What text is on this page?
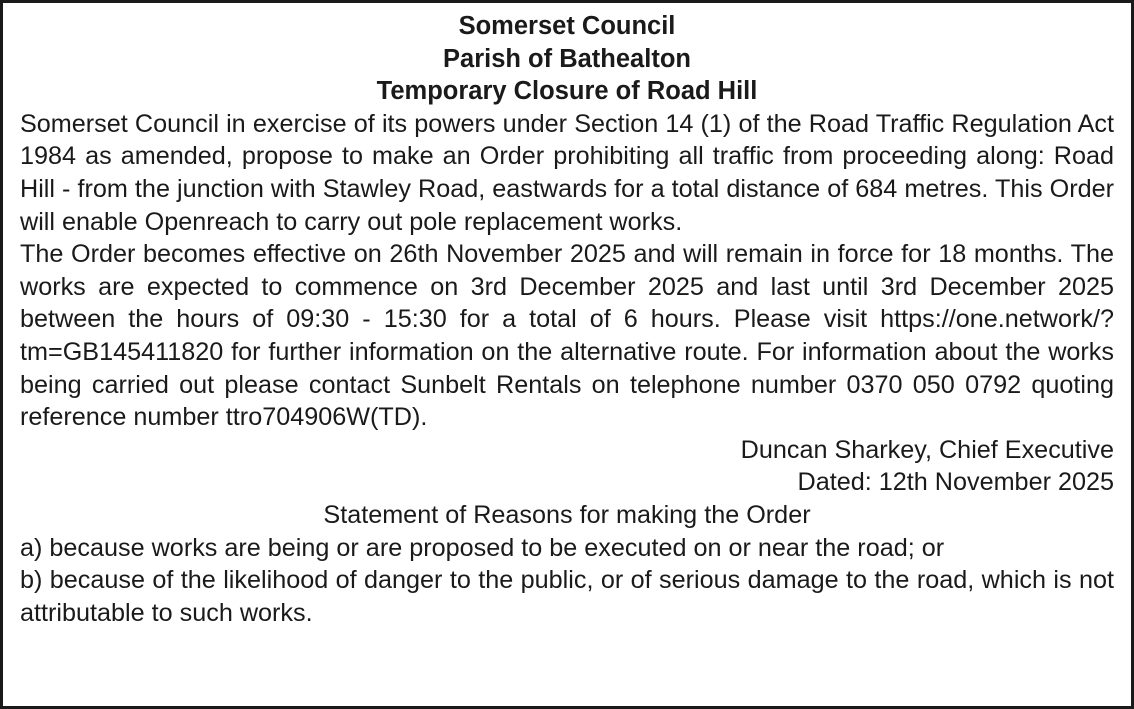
Somerset Council
Parish of Bathealton
Temporary Closure of Road Hill

Somerset Council in exercise of its powers under Section 14 (1) of the Road Traffic Regulation Act 1984 as amended, propose to make an Order prohibiting all traffic from proceeding along: Road Hill - from the junction with Stawley Road, eastwards for a total distance of 684 metres. This Order will enable Openreach to carry out pole replacement works.

The Order becomes effective on 26th November 2025 and will remain in force for 18 months. The works are expected to commence on 3rd December 2025 and last until 3rd December 2025 between the hours of 09:30 - 15:30 for a total of 6 hours. Please visit https://one.network/?tm=GB145411820 for further information on the alternative route. For information about the works being carried out please contact Sunbelt Rentals on telephone number 0370 050 0792 quoting reference number ttro704906W(TD).

Duncan Sharkey, Chief Executive
Dated: 12th November 2025
Statement of Reasons for making the Order

a) because works are being or are proposed to be executed on or near the road; or

b) because of the likelihood of danger to the public, or of serious damage to the road, which is not attributable to such works.
